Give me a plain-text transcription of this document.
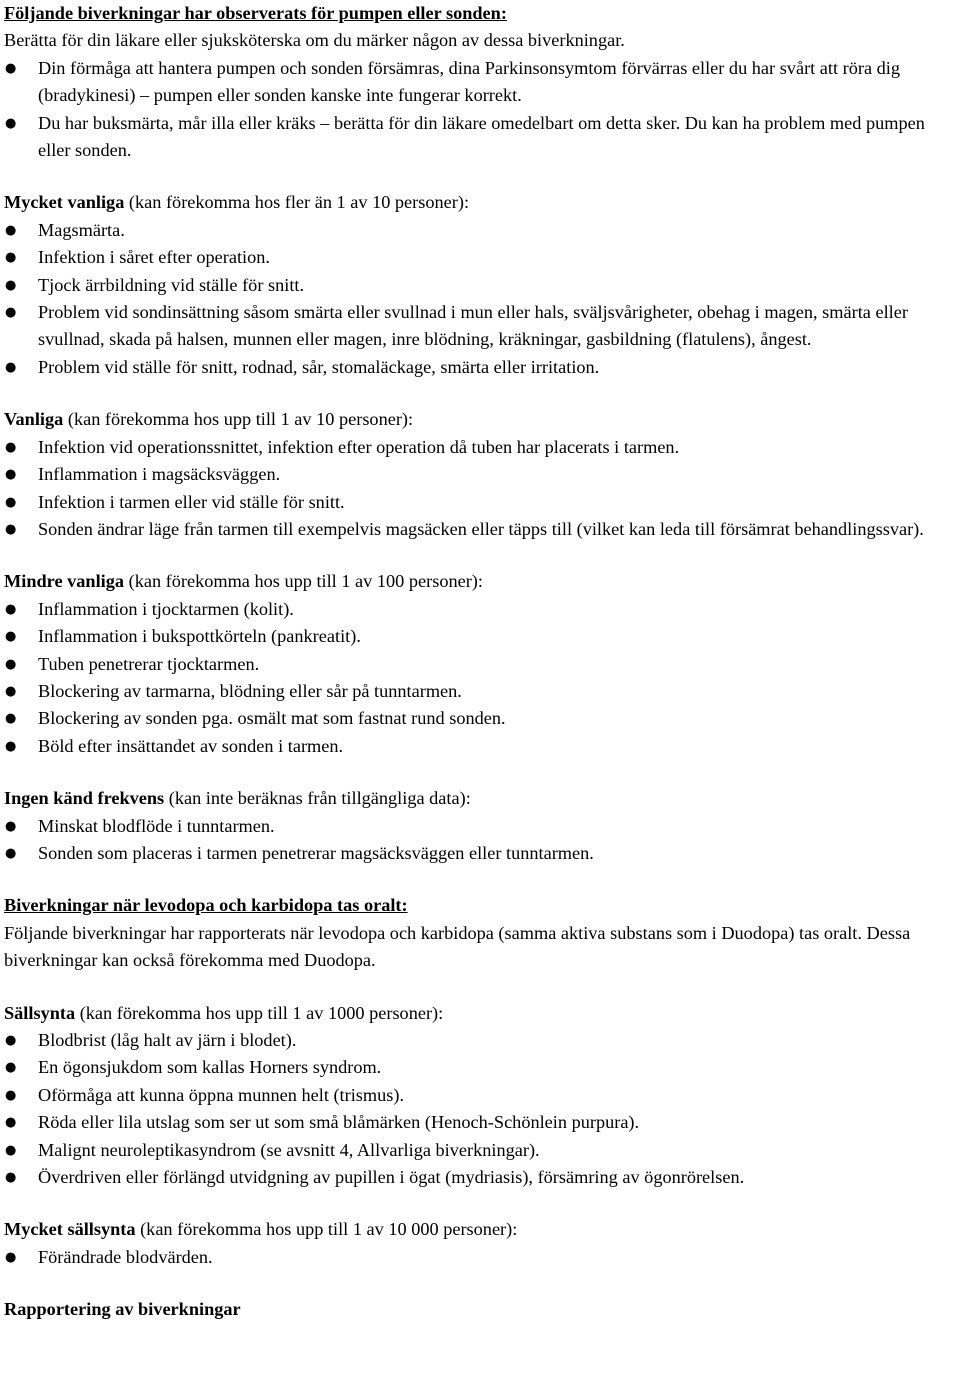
Följande biverkningar har observerats för pumpen eller sonden:

Berätta för din läkare eller sjuksköterska om du märker någon av dessa biverkningar.

●	Din förmåga att hantera pumpen och sonden försämras, dina Parkinsonsymtom förvärras eller du har svårt att röra dig (bradykinesi) – pumpen eller sonden kanske inte fungerar korrekt.
●	Du har buksmärta, mår illa eller kräks – berätta för din läkare omedelbart om detta sker. Du kan ha problem med pumpen eller sonden.

Mycket vanliga (kan förekomma hos fler än 1 av 10 personer):

●	Magsmärta.
●	Infektion i såret efter operation.
●	Tjock ärrbildning vid ställe för snitt.
●	Problem vid sondinsättning såsom smärta eller svullnad i mun eller hals, sväljsvårigheter, obehag i magen, smärta eller svullnad, skada på halsen, munnen eller magen, inre blödning, kräkningar, gasbildning (flatulens), ångest.
●	Problem vid ställe för snitt, rodnad, sår, stomaläckage, smärta eller irritation.

Vanliga (kan förekomma hos upp till 1 av 10 personer):

●	Infektion vid operationssnittet, infektion efter operation då tuben har placerats i tarmen.
●	Inflammation i magsäcksväggen.
●	Infektion i tarmen eller vid ställe för snitt.
●	Sonden ändrar läge från tarmen till exempelvis magsäcken eller täpps till (vilket kan leda till försämrat behandlingssvar).

Mindre vanliga (kan förekomma hos upp till 1 av 100 personer):

●	Inflammation i tjocktarmen (kolit).
●	Inflammation i bukspottkörteln (pankreatit).
●	Tuben penetrerar tjocktarmen.
●	Blockering av tarmarna, blödning eller sår på tunntarmen.
●	Blockering av sonden pga. osmält mat som fastnat rund sonden.
●	Böld efter insättandet av sonden i tarmen.

Ingen känd frekvens (kan inte beräknas från tillgängliga data):

●	Minskat blodflöde i tunntarmen.
●	Sonden som placeras i tarmen penetrerar magsäcksväggen eller tunntarmen.

Biverkningar när levodopa och karbidopa tas oralt:

Följande biverkningar har rapporterats när levodopa och karbidopa (samma aktiva substans som i Duodopa) tas oralt. Dessa biverkningar kan också förekomma med Duodopa.

Sällsynta (kan förekomma hos upp till 1 av 1000 personer):

●	Blodbrist (låg halt av järn i blodet).
●	En ögonsjukdom som kallas Horners syndrom.
●	Oförmåga att kunna öppna munnen helt (trismus).
●	Röda eller lila utslag som ser ut som små blåmärken (Henoch-Schönlein purpura).
●	Malignt neuroleptikasyndrom (se avsnitt 4, Allvarliga biverkningar).
●	Överdriven eller förlängd utvidgning av pupillen i ögat (mydriasis), försämring av ögonrörelsen.

Mycket sällsynta (kan förekomma hos upp till 1 av 10 000 personer):

●	Förändrade blodvärden.

Rapportering av biverkningar
